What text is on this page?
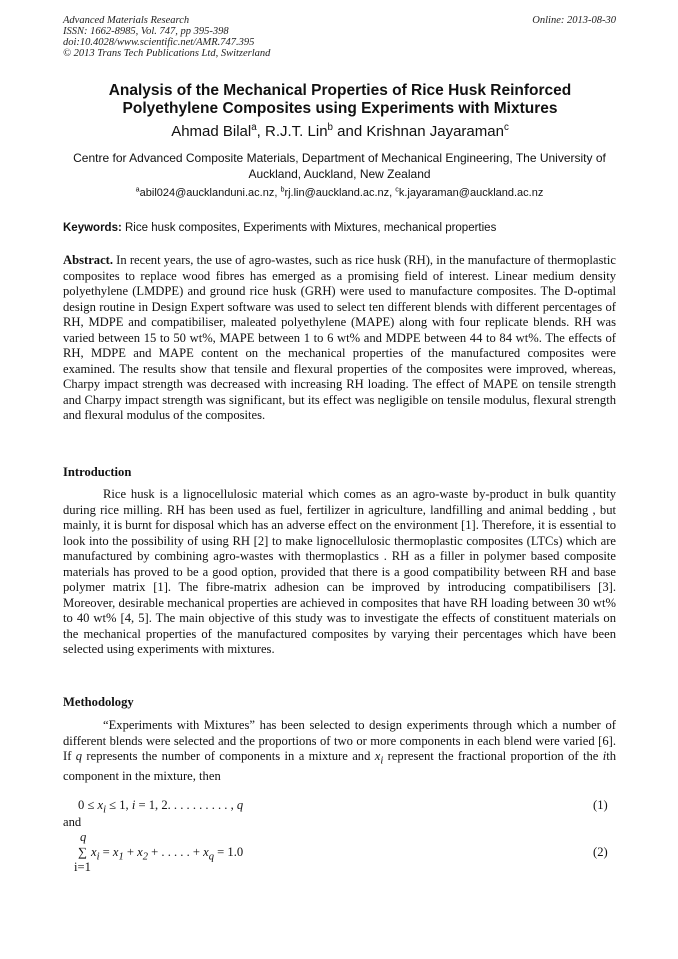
Advanced Materials Research
ISSN: 1662-8985, Vol. 747, pp 395-398
doi:10.4028/www.scientific.net/AMR.747.395
© 2013 Trans Tech Publications Ltd, Switzerland
Online: 2013-08-30
Analysis of the Mechanical Properties of Rice Husk Reinforced
Polyethylene Composites using Experiments with Mixtures
Ahmad Bilal$^a$, R.J.T. Lin$^b$ and Krishnan Jayaraman$^c$
Centre for Advanced Composite Materials, Department of Mechanical Engineering, The University of Auckland, Auckland, New Zealand
$^a$abil024@aucklanduni.ac.nz, $^b$rj.lin@auckland.ac.nz, $^c$k.jayaraman@auckland.ac.nz
Keywords: Rice husk composites, Experiments with Mixtures, mechanical properties
Abstract. In recent years, the use of agro-wastes, such as rice husk (RH), in the manufacture of thermoplastic composites to replace wood fibres has emerged as a promising field of interest. Linear medium density polyethylene (LMDPE) and ground rice husk (GRH) were used to manufacture composites. The D-optimal design routine in Design Expert software was used to select ten different blends with different percentages of RH, MDPE and compatibiliser, maleated polyethylene (MAPE) along with four replicate blends. RH was varied between 15 to 50 wt%, MAPE between 1 to 6 wt% and MDPE between 44 to 84 wt%. The effects of RH, MDPE and MAPE content on the mechanical properties of the manufactured composites were examined. The results show that tensile and flexural properties of the composites were improved, whereas, Charpy impact strength was decreased with increasing RH loading. The effect of MAPE on tensile strength and Charpy impact strength was significant, but its effect was negligible on tensile modulus, flexural strength and flexural modulus of the composites.
Introduction
Rice husk is a lignocellulosic material which comes as an agro-waste by-product in bulk quantity during rice milling. RH has been used as fuel, fertilizer in agriculture, landfilling and animal bedding , but mainly, it is burnt for disposal which has an adverse effect on the environment [1]. Therefore, it is essential to look into the possibility of using RH [2] to make lignocellulosic thermoplastic composites (LTCs) which are manufactured by combining agro-wastes with thermoplastics . RH as a filler in polymer based composite materials has proved to be a good option, provided that there is a good compatibility between RH and base polymer matrix [1]. The fibre-matrix adhesion can be improved by introducing compatibilisers [3]. Moreover, desirable mechanical properties are achieved in composites that have RH loading between 30 wt% to 40 wt% [4, 5]. The main objective of this study was to investigate the effects of constituent materials on the mechanical properties of the manufactured composites by varying their percentages which have been selected using experiments with mixtures.
Methodology
“Experiments with Mixtures” has been selected to design experiments through which a number of different blends were selected and the proportions of two or more components in each blend were varied [6]. If q represents the number of components in a mixture and $x_i$ represent the fractional proportion of the ith component in the mixture, then
$0 \le x_i \le 1$, i = 1, 2. . . . . . . . . . , q	(1)
and
q
∑
i=1
$x_i = x_1 + x_2$ + . . . . . + $x_q = 1.0$	(2)
